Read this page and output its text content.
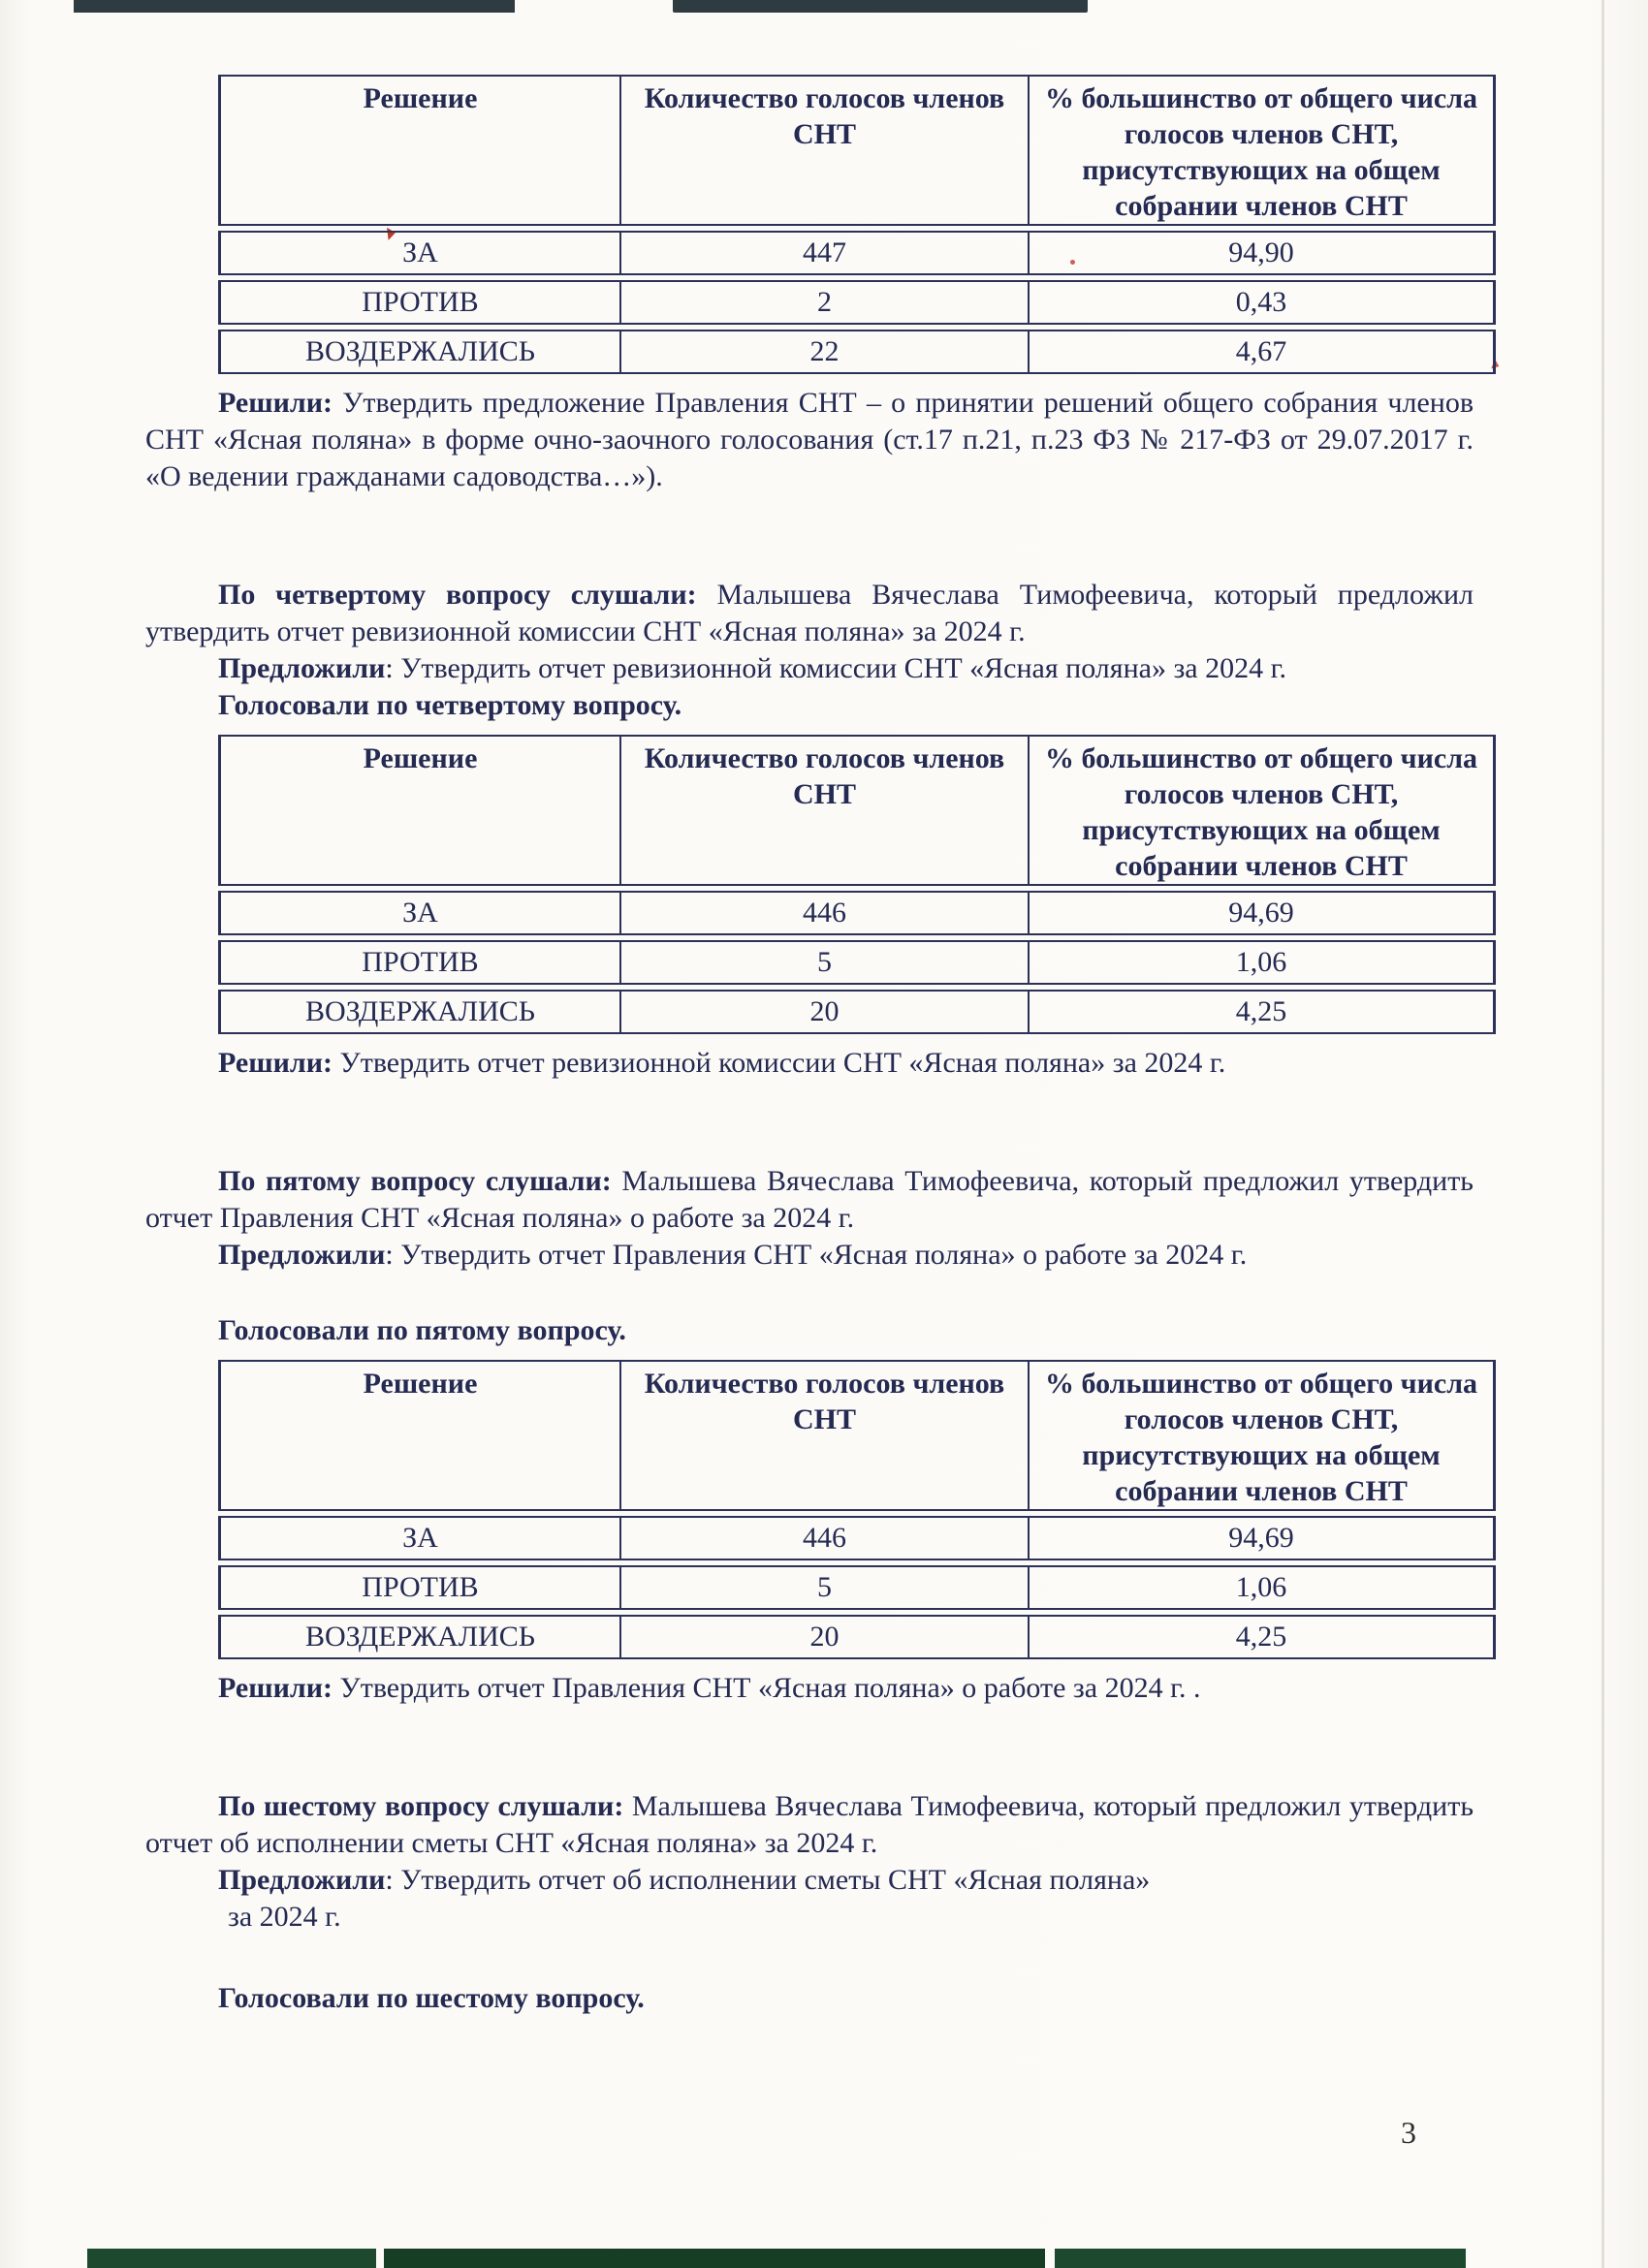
Решение	Количество голосов членов СНТ	% большинство от общего числа голосов членов СНТ, присутствующих на общем собрании членов СНТ
ЗА	447	94,90
ПРОТИВ	2	0,43
ВОЗДЕРЖАЛИСЬ	22	4,67

Решили: Утвердить предложение Правления СНТ – о принятии решений общего собрания членов СНТ «Ясная поляна» в форме очно-заочного голосования (ст.17 п.21, п.23 ФЗ № 217-ФЗ от 29.07.2017 г. «О ведении гражданами садоводства…»).

По четвертому вопросу слушали: Малышева Вячеслава Тимофеевича, который предложил утвердить отчет ревизионной комиссии СНТ «Ясная поляна» за 2024 г.

Предложили: Утвердить отчет ревизионной комиссии СНТ «Ясная поляна» за 2024 г.

Голосовали по четвертому вопросу.

Решение	Количество голосов членов СНТ	% большинство от общего числа голосов членов СНТ, присутствующих на общем собрании членов СНТ
ЗА	446	94,69
ПРОТИВ	5	1,06
ВОЗДЕРЖАЛИСЬ	20	4,25

Решили: Утвердить отчет ревизионной комиссии СНТ «Ясная поляна» за 2024 г.

По пятому вопросу слушали: Малышева Вячеслава Тимофеевича, который предложил утвердить отчет Правления СНТ «Ясная поляна» о работе за 2024 г.

Предложили: Утвердить отчет Правления СНТ «Ясная поляна» о работе за 2024 г.

Голосовали по пятому вопросу.

Решение	Количество голосов членов СНТ	% большинство от общего числа голосов членов СНТ, присутствующих на общем собрании членов СНТ
ЗА	446	94,69
ПРОТИВ	5	1,06
ВОЗДЕРЖАЛИСЬ	20	4,25

Решили: Утвердить отчет Правления СНТ «Ясная поляна» о работе за 2024 г. .

По шестому вопросу слушали: Малышева Вячеслава Тимофеевича, который предложил утвердить отчет об исполнении сметы СНТ «Ясная поляна» за 2024 г.

Предложили: Утвердить отчет об исполнении сметы СНТ «Ясная поляна»

за 2024 г.

Голосовали по шестому вопросу.

3
